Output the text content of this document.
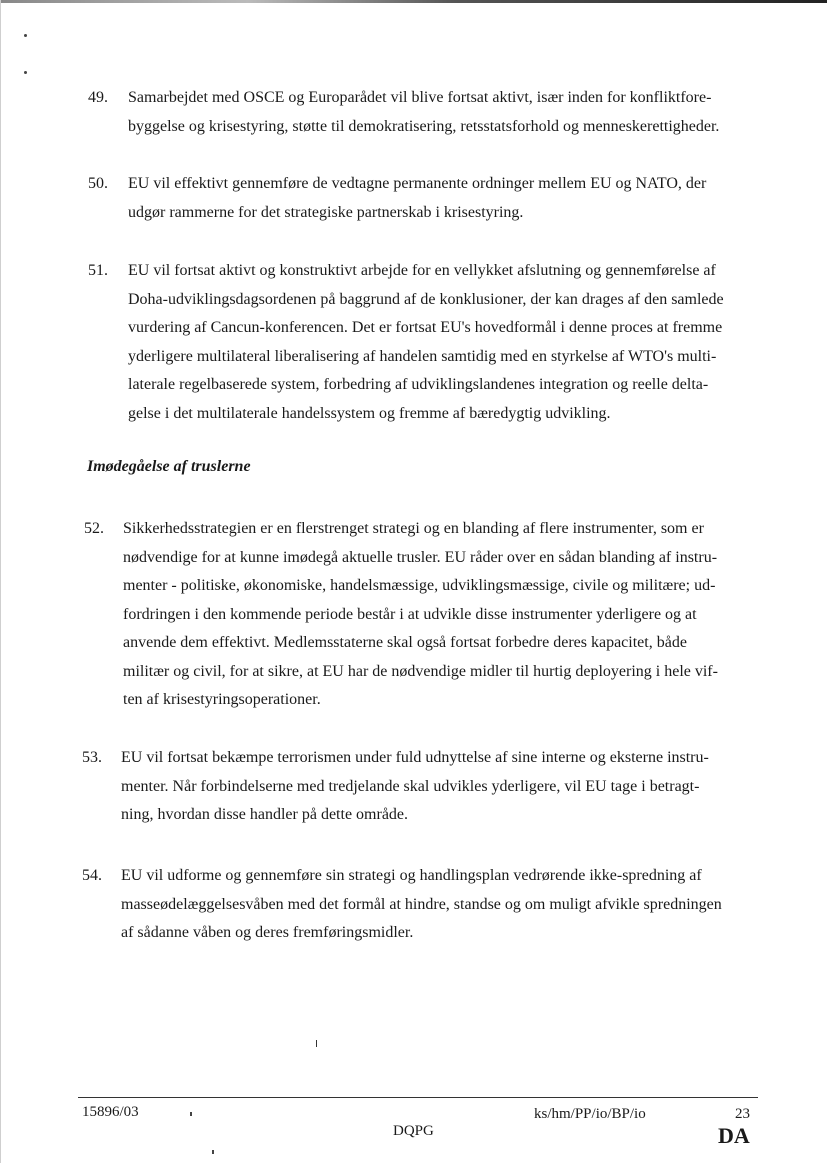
49. Samarbejdet med OSCE og Europarådet vil blive fortsat aktivt, især inden for konfliktfore-
byggelse og krisestyring, støtte til demokratisering, retsstatsforhold og menneskerettigheder.

50. EU vil effektivt gennemføre de vedtagne permanente ordninger mellem EU og NATO, der
udgør rammerne for det strategiske partnerskab i krisestyring.

51. EU vil fortsat aktivt og konstruktivt arbejde for en vellykket afslutning og gennemførelse af
Doha-udviklingsdagsordenen på baggrund af de konklusioner, der kan drages af den samlede
vurdering af Cancun-konferencen. Det er fortsat EU's hovedformål i denne proces at fremme
yderligere multilateral liberalisering af handelen samtidig med en styrkelse af WTO's multi-
laterale regelbaserede system, forbedring af udviklingslandenes integration og reelle delta-
gelse i det multilaterale handelssystem og fremme af bæredygtig udvikling.

Imødegåelse af truslerne
52. Sikkerhedsstrategien er en flerstrenget strategi og en blanding af flere instrumenter, som er
nødvendige for at kunne imødegå aktuelle trusler. EU råder over en sådan blanding af instru-
menter - politiske, økonomiske, handelsmæssige, udviklingsmæssige, civile og militære; ud-
fordringen i den kommende periode består i at udvikle disse instrumenter yderligere og at
anvende dem effektivt. Medlemsstaterne skal også fortsat forbedre deres kapacitet, både
militær og civil, for at sikre, at EU har de nødvendige midler til hurtig deployering i hele vif-
ten af krisestyringsoperationer.

53. EU vil fortsat bekæmpe terrorismen under fuld udnyttelse af sine interne og eksterne instru-
menter. Når forbindelserne med tredjelande skal udvikles yderligere, vil EU tage i betragt-
ning, hvordan disse handler på dette område.

54. EU vil udforme og gennemføre sin strategi og handlingsplan vedrørende ikke-spredning af
masseødelæggelsesvåben med det formål at hindre, standse og om muligt afvikle spredningen
af sådanne våben og deres fremføringsmidler.

15896/03	ks/hm/PP/io/BP/io	23
DQPG	DA
